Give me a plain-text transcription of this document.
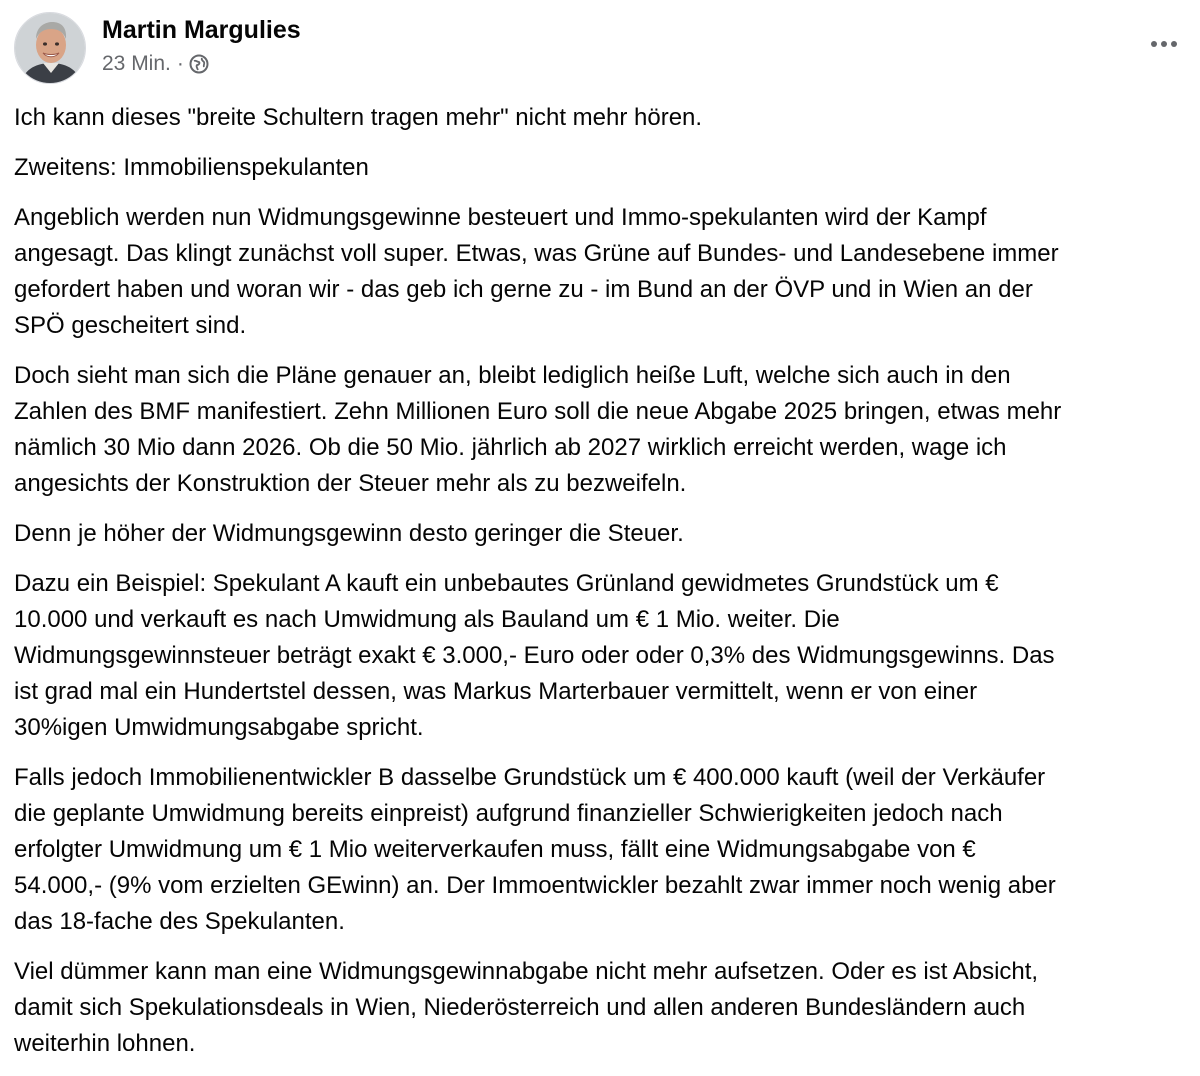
Martin Margulies
23 Min. ·

Ich kann dieses "breite Schultern tragen mehr" nicht mehr hören.

Zweitens: Immobilienspekulanten

Angeblich werden nun Widmungsgewinne besteuert und Immo-spekulanten wird der Kampf
angesagt. Das klingt zunächst voll super. Etwas, was Grüne auf Bundes- und Landesebene immer
gefordert haben und woran wir - das geb ich gerne zu - im Bund an der ÖVP und in Wien an der
SPÖ gescheitert sind.

Doch sieht man sich die Pläne genauer an, bleibt lediglich heiße Luft, welche sich auch in den
Zahlen des BMF manifestiert. Zehn Millionen Euro soll die neue Abgabe 2025 bringen, etwas mehr
nämlich 30 Mio dann 2026. Ob die 50 Mio. jährlich ab 2027 wirklich erreicht werden, wage ich
angesichts der Konstruktion der Steuer mehr als zu bezweifeln.

Denn je höher der Widmungsgewinn desto geringer die Steuer.

Dazu ein Beispiel: Spekulant A kauft ein unbebautes Grünland gewidmetes Grundstück um €
10.000 und verkauft es nach Umwidmung als Bauland um € 1 Mio. weiter. Die
Widmungsgewinnsteuer beträgt exakt € 3.000,- Euro oder oder 0,3% des Widmungsgewinns. Das
ist grad mal ein Hundertstel dessen, was Markus Marterbauer vermittelt, wenn er von einer
30%igen Umwidmungsabgabe spricht.

Falls jedoch Immobilienentwickler B dasselbe Grundstück um € 400.000 kauft (weil der Verkäufer
die geplante Umwidmung bereits einpreist) aufgrund finanzieller Schwierigkeiten jedoch nach
erfolgter Umwidmung um € 1 Mio weiterverkaufen muss, fällt eine Widmungsabgabe von €
54.000,- (9% vom erzielten GEwinn) an. Der Immoentwickler bezahlt zwar immer noch wenig aber
das 18-fache des Spekulanten.

Viel dümmer kann man eine Widmungsgewinnabgabe nicht mehr aufsetzen. Oder es ist Absicht,
damit sich Spekulationsdeals in Wien, Niederösterreich und allen anderen Bundesländern auch
weiterhin lohnen.
